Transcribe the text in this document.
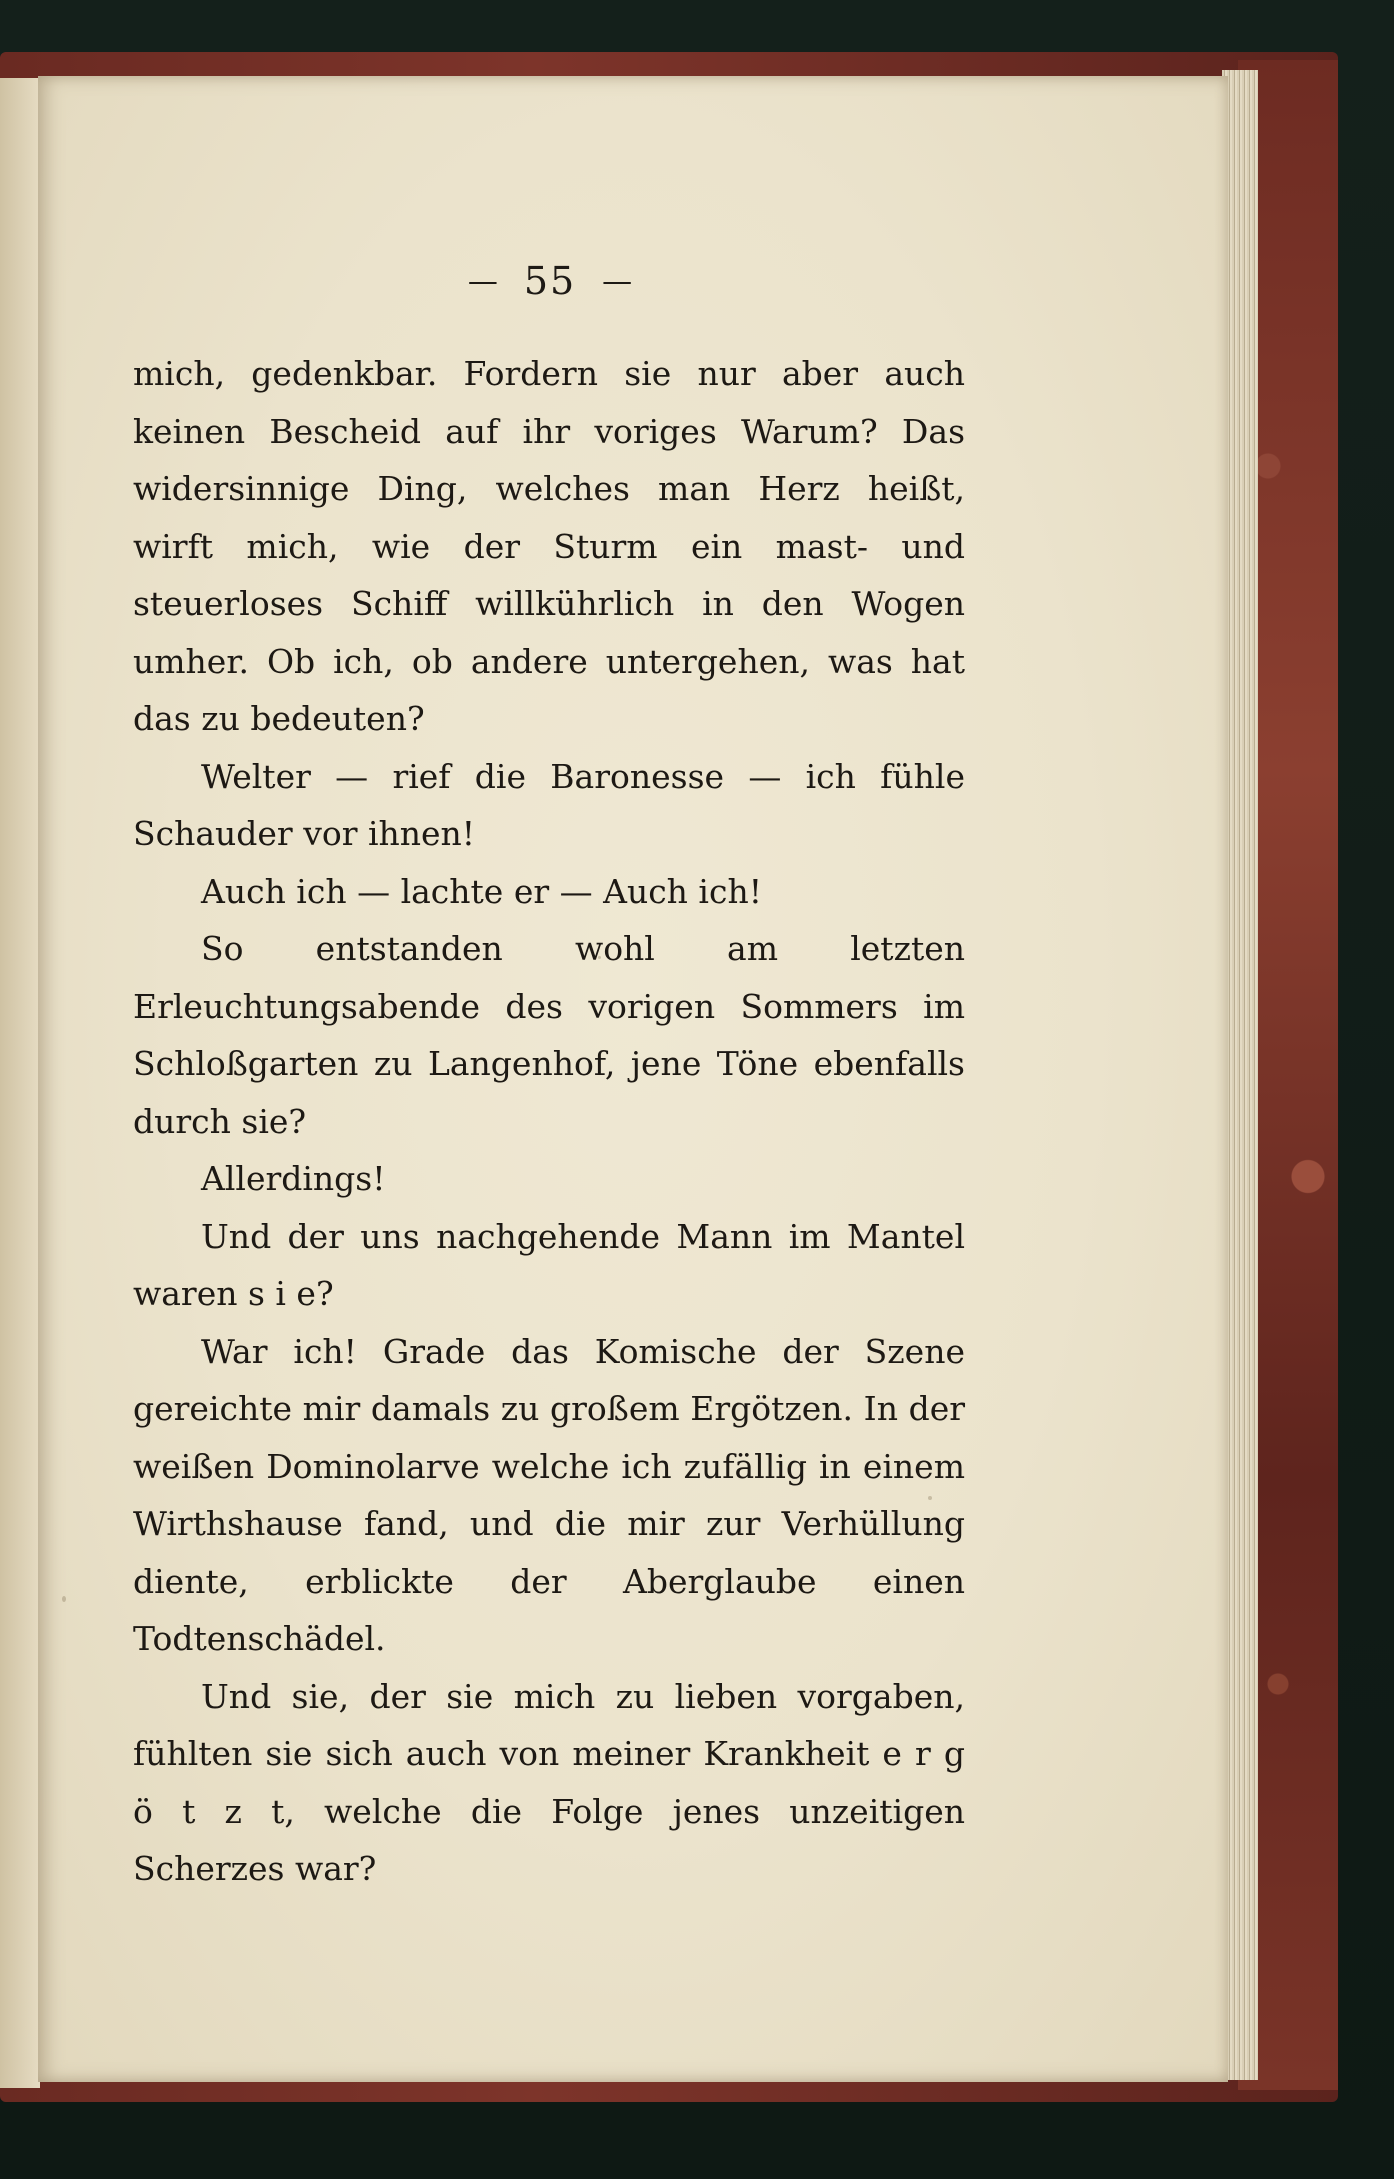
— 55 —

mich, gedenkbar. Fordern sie nur aber auch keinen Bescheid auf ihr voriges Warum? Das widersinnige Ding, welches man Herz heißt, wirft mich, wie der Sturm ein mast- und steuerloses Schiff willkührlich in den Wogen umher. Ob ich, ob andere untergehen, was hat das zu bedeuten?

Welter — rief die Baronesse — ich fühle Schauder vor ihnen!

Auch ich — lachte er — Auch ich!

So entstanden wohl am letzten Erleuchtungsabende des vorigen Sommers im Schloßgarten zu Langenhof, jene Töne ebenfalls durch sie?

Allerdings!

Und der uns nachgehende Mann im Mantel waren s i e?

War ich! Grade das Komische der Szene gereichte mir damals zu großem Ergötzen. In der weißen Dominolarve welche ich zufällig in einem Wirthshause fand, und die mir zur Verhüllung diente, erblickte der Aberglaube einen Todtenschädel.

Und sie, der sie mich zu lieben vorgaben, fühlten sie sich auch von meiner Krankheit e r g ö t z t, welche die Folge jenes unzeitigen Scherzes war?
